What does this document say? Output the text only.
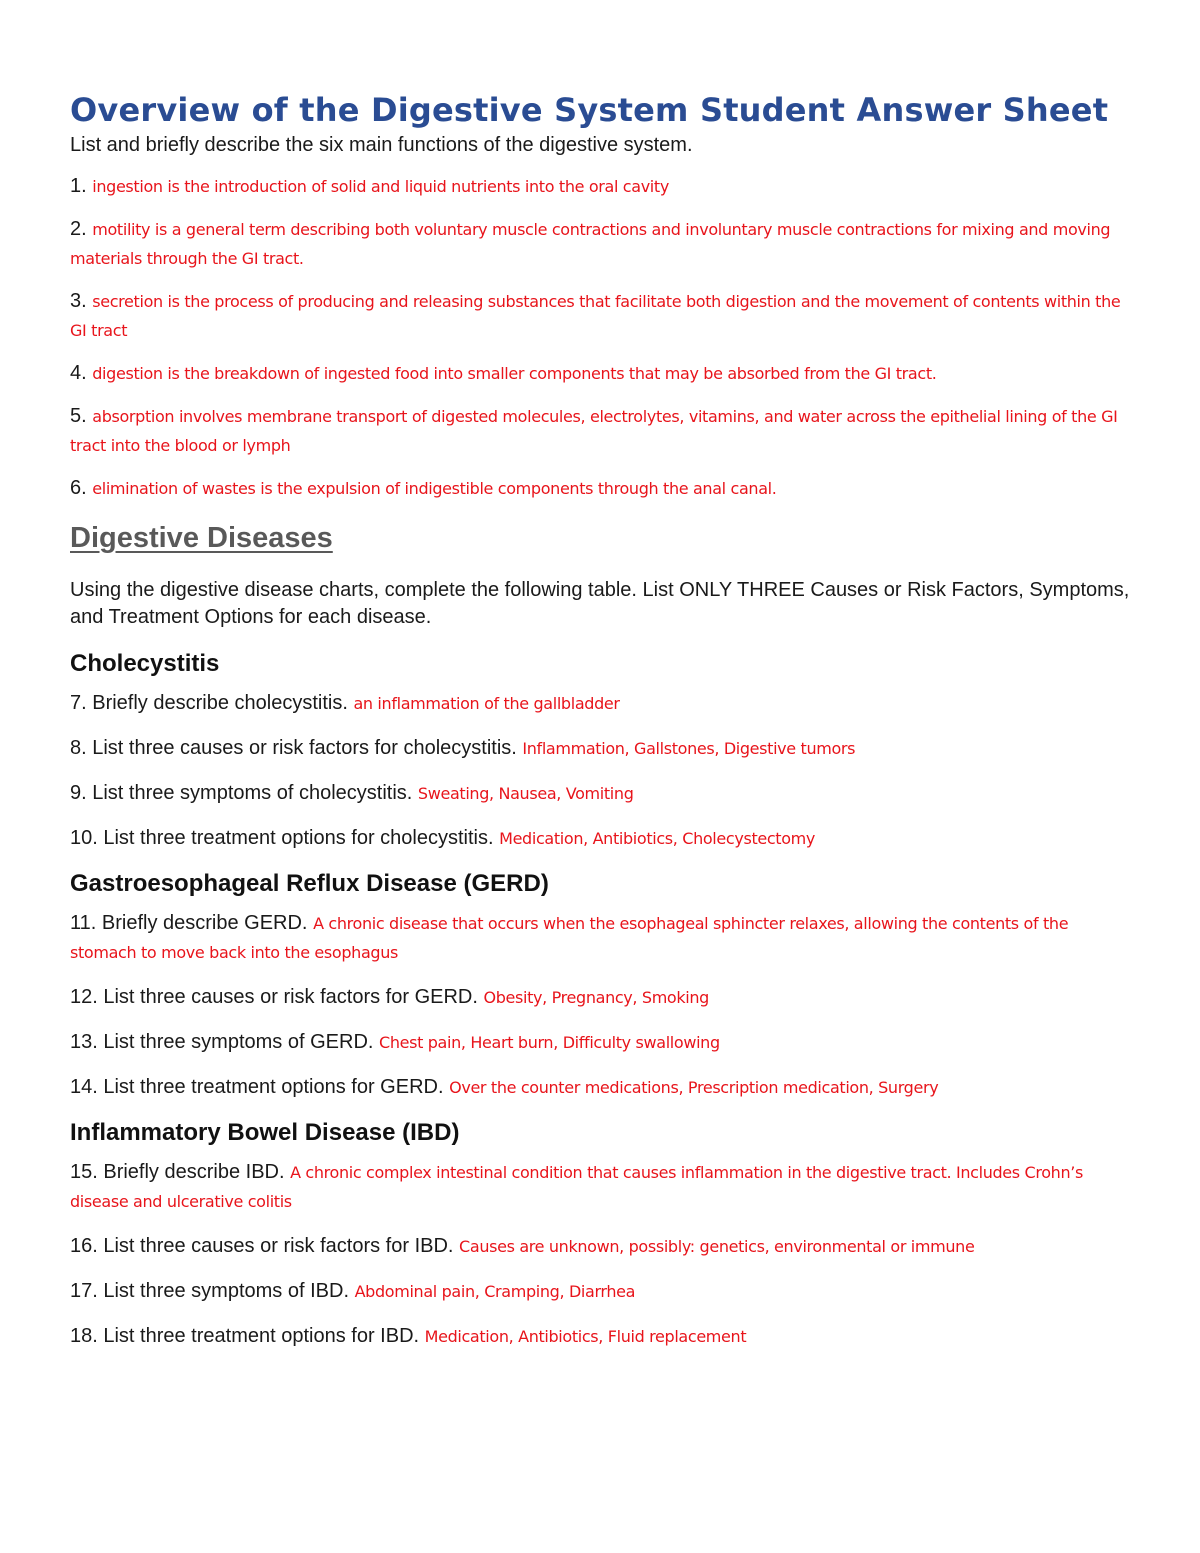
Overview of the Digestive System Student Answer Sheet

List and briefly describe the six main functions of the digestive system.

1. ingestion is the introduction of solid and liquid nutrients into the oral cavity

2. motility is a general term describing both voluntary muscle contractions and involuntary muscle contractions for mixing and moving materials through the GI tract.

3. secretion is the process of producing and releasing substances that facilitate both digestion and the movement of contents within the GI tract

4. digestion is the breakdown of ingested food into smaller components that may be absorbed from the GI tract.

5. absorption involves membrane transport of digested molecules, electrolytes, vitamins, and water across the epithelial lining of the GI tract into the blood or lymph

6. elimination of wastes is the expulsion of indigestible components through the anal canal.

Digestive Diseases

Using the digestive disease charts, complete the following table. List ONLY THREE Causes or Risk Factors, Symptoms, and Treatment Options for each disease.

Cholecystitis

7. Briefly describe cholecystitis. an inflammation of the gallbladder

8. List three causes or risk factors for cholecystitis. Inflammation, Gallstones, Digestive tumors

9. List three symptoms of cholecystitis. Sweating, Nausea, Vomiting

10. List three treatment options for cholecystitis. Medication, Antibiotics, Cholecystectomy

Gastroesophageal Reflux Disease (GERD)

11. Briefly describe GERD. A chronic disease that occurs when the esophageal sphincter relaxes, allowing the contents of the stomach to move back into the esophagus

12. List three causes or risk factors for GERD. Obesity, Pregnancy, Smoking

13. List three symptoms of GERD. Chest pain, Heart burn, Difficulty swallowing

14. List three treatment options for GERD. Over the counter medications, Prescription medication, Surgery

Inflammatory Bowel Disease (IBD)

15. Briefly describe IBD. A chronic complex intestinal condition that causes inflammation in the digestive tract. Includes Crohn’s disease and ulcerative colitis

16. List three causes or risk factors for IBD. Causes are unknown, possibly: genetics, environmental or immune

17. List three symptoms of IBD. Abdominal pain, Cramping, Diarrhea

18. List three treatment options for IBD. Medication, Antibiotics, Fluid replacement
